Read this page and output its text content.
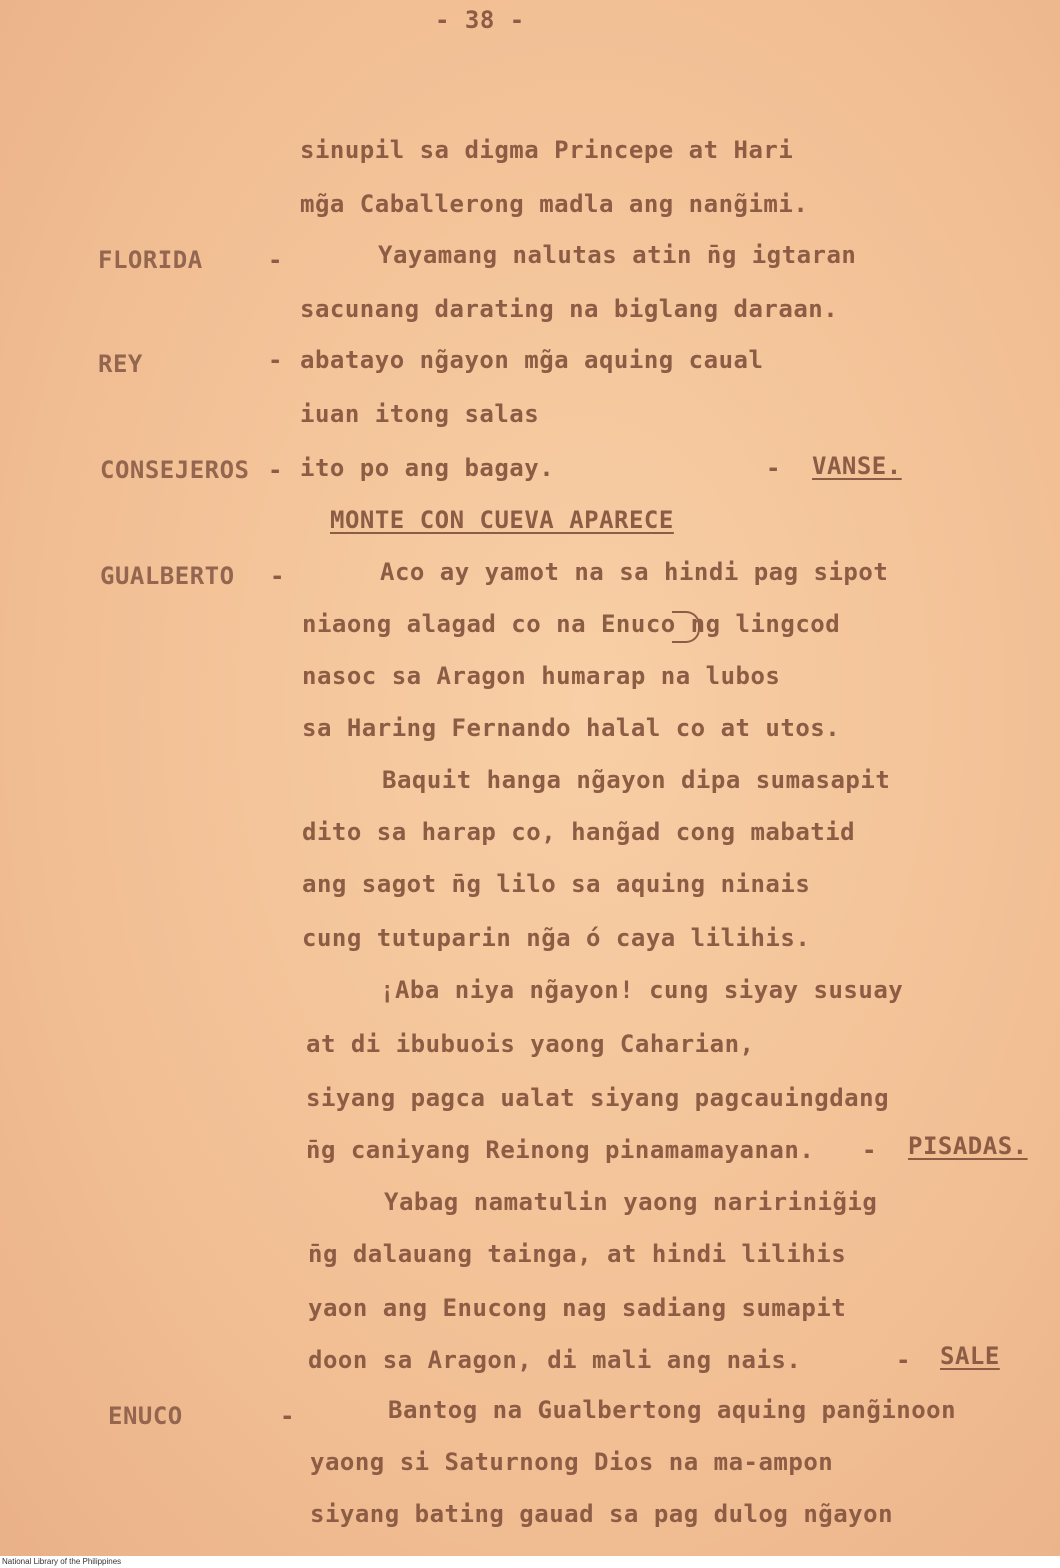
- 38 -
sinupil sa digma Princepe at Hari
mg̃a Caballerong madla ang nang̃imi.
FLORIDA	-	Yayamang nalutas atin n̄g igtaran
sacunang darating na biglang daraan.
REY	- abatayo ng̃ayon mg̃a aquing caual
iuan itong salas
CONSEJEROS - ito po ang bagay.	- VANSE.
MONTE CON CUEVA APARECE
GUALBERTO -	Aco ay yamot na sa hindi pag sipot
niaong alagad co na Enuco ng lingcod
nasoc sa Aragon humarap na lubos
sa Haring Fernando halal co at utos.
Baquit hanga ng̃ayon dipa sumasapit
dito sa harap co, hang̃ad cong mabatid
ang sagot n̄g lilo sa aquing ninais
cung tutuparin ng̃a ó caya lilihis.
¡Aba niya ng̃ayon! cung siyay susuay
at di ibubuois yaong Caharian,
siyang pagca ualat siyang pagcauingdang
n̄g caniyang Reinong pinamamayanan. - PISADAS.
Yabag namatulin yaong naririnig̃ig
n̄g dalauang tainga, at hindi lilihis
yaon ang Enucong nag sadiang sumapit
doon sa Aragon, di mali ang nais.	- SALE
ENUCO	-	Bantog na Gualbertong aquing pang̃inoon
yaong si Saturnong Dios na ma-ampon
siyang bating gauad sa pag dulog ng̃ayon
National Library of the Philippines
